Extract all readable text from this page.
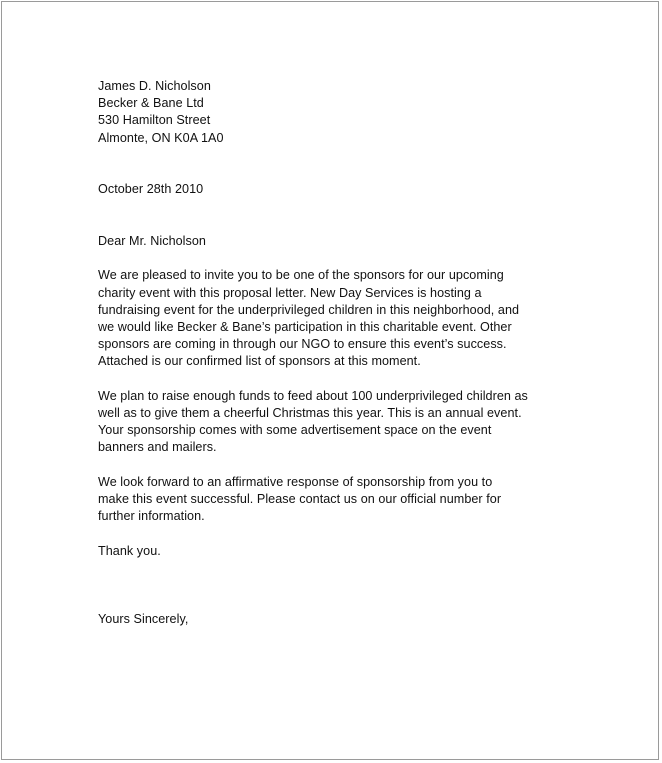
James D. Nicholson
Becker & Bane Ltd
530 Hamilton Street
Almonte, ON K0A 1A0
October 28th 2010
Dear Mr. Nicholson
We are pleased to invite you to be one of the sponsors for our upcoming
charity event with this proposal letter. New Day Services is hosting a
fundraising event for the underprivileged children in this neighborhood, and
we would like Becker & Bane’s participation in this charitable event. Other
sponsors are coming in through our NGO to ensure this event’s success.
Attached is our confirmed list of sponsors at this moment.
We plan to raise enough funds to feed about 100 underprivileged children as
well as to give them a cheerful Christmas this year. This is an annual event.
Your sponsorship comes with some advertisement space on the event
banners and mailers.
We look forward to an affirmative response of sponsorship from you to
make this event successful. Please contact us on our official number for
further information.
Thank you.
Yours Sincerely,
